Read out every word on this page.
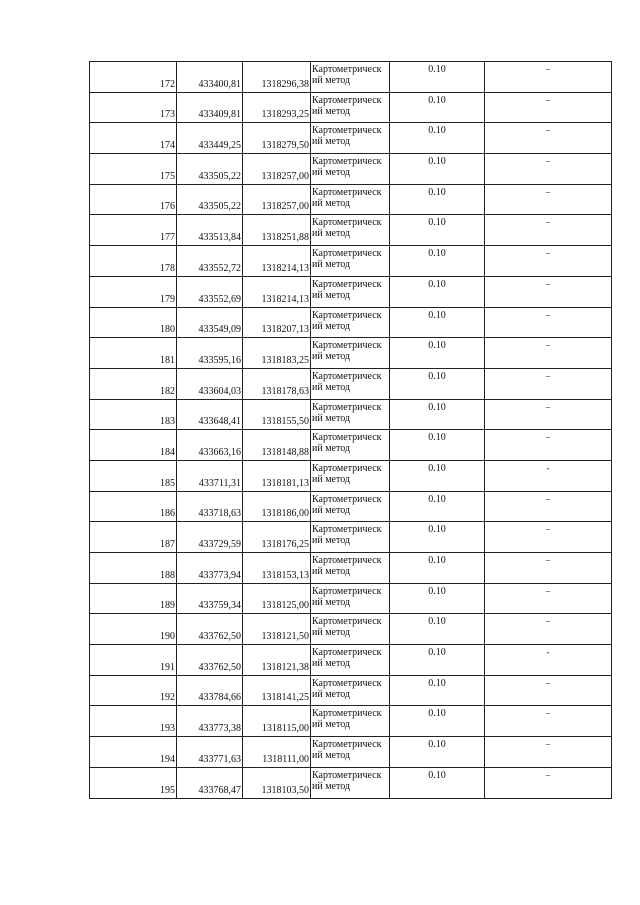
172	433400,81	1318296,38	Картометрическ
ий метод	0.10	–
173	433409,81	1318293,25	Картометрическ
ий метод	0.10	–
174	433449,25	1318279,50	Картометрическ
ий метод	0.10	–
175	433505,22	1318257,00	Картометрическ
ий метод	0.10	–
176	433505,22	1318257,00	Картометрическ
ий метод	0.10	–
177	433513,84	1318251,88	Картометрическ
ий метод	0.10	–
178	433552,72	1318214,13	Картометрическ
ий метод	0.10	–
179	433552,69	1318214,13	Картометрическ
ий метод	0.10	–
180	433549,09	1318207,13	Картометрическ
ий метод	0.10	–
181	433595,16	1318183,25	Картометрическ
ий метод	0.10	–
182	433604,03	1318178,63	Картометрическ
ий метод	0.10	–
183	433648,41	1318155,50	Картометрическ
ий метод	0.10	–
184	433663,16	1318148,88	Картометрическ
ий метод	0.10	–
185	433711,31	1318181,13	Картометрическ
ий метод	0.10	-
186	433718,63	1318186,00	Картометрическ
ий метод	0.10	–
187	433729,59	1318176,25	Картометрическ
ий метод	0.10	–
188	433773,94	1318153,13	Картометрическ
ий метод	0.10	–
189	433759,34	1318125,00	Картометрическ
ий метод	0.10	–
190	433762,50	1318121,50	Картометрическ
ий метод	0.10	–
191	433762,50	1318121,38	Картометрическ
ий метод	0.10	-
192	433784,66	1318141,25	Картометрическ
ий метод	0.10	–
193	433773,38	1318115,00	Картометрическ
ий метод	0.10	–
194	433771,63	1318111,00	Картометрическ
ий метод	0.10	–
195	433768,47	1318103,50	Картометрическ
ий метод	0.10	–
